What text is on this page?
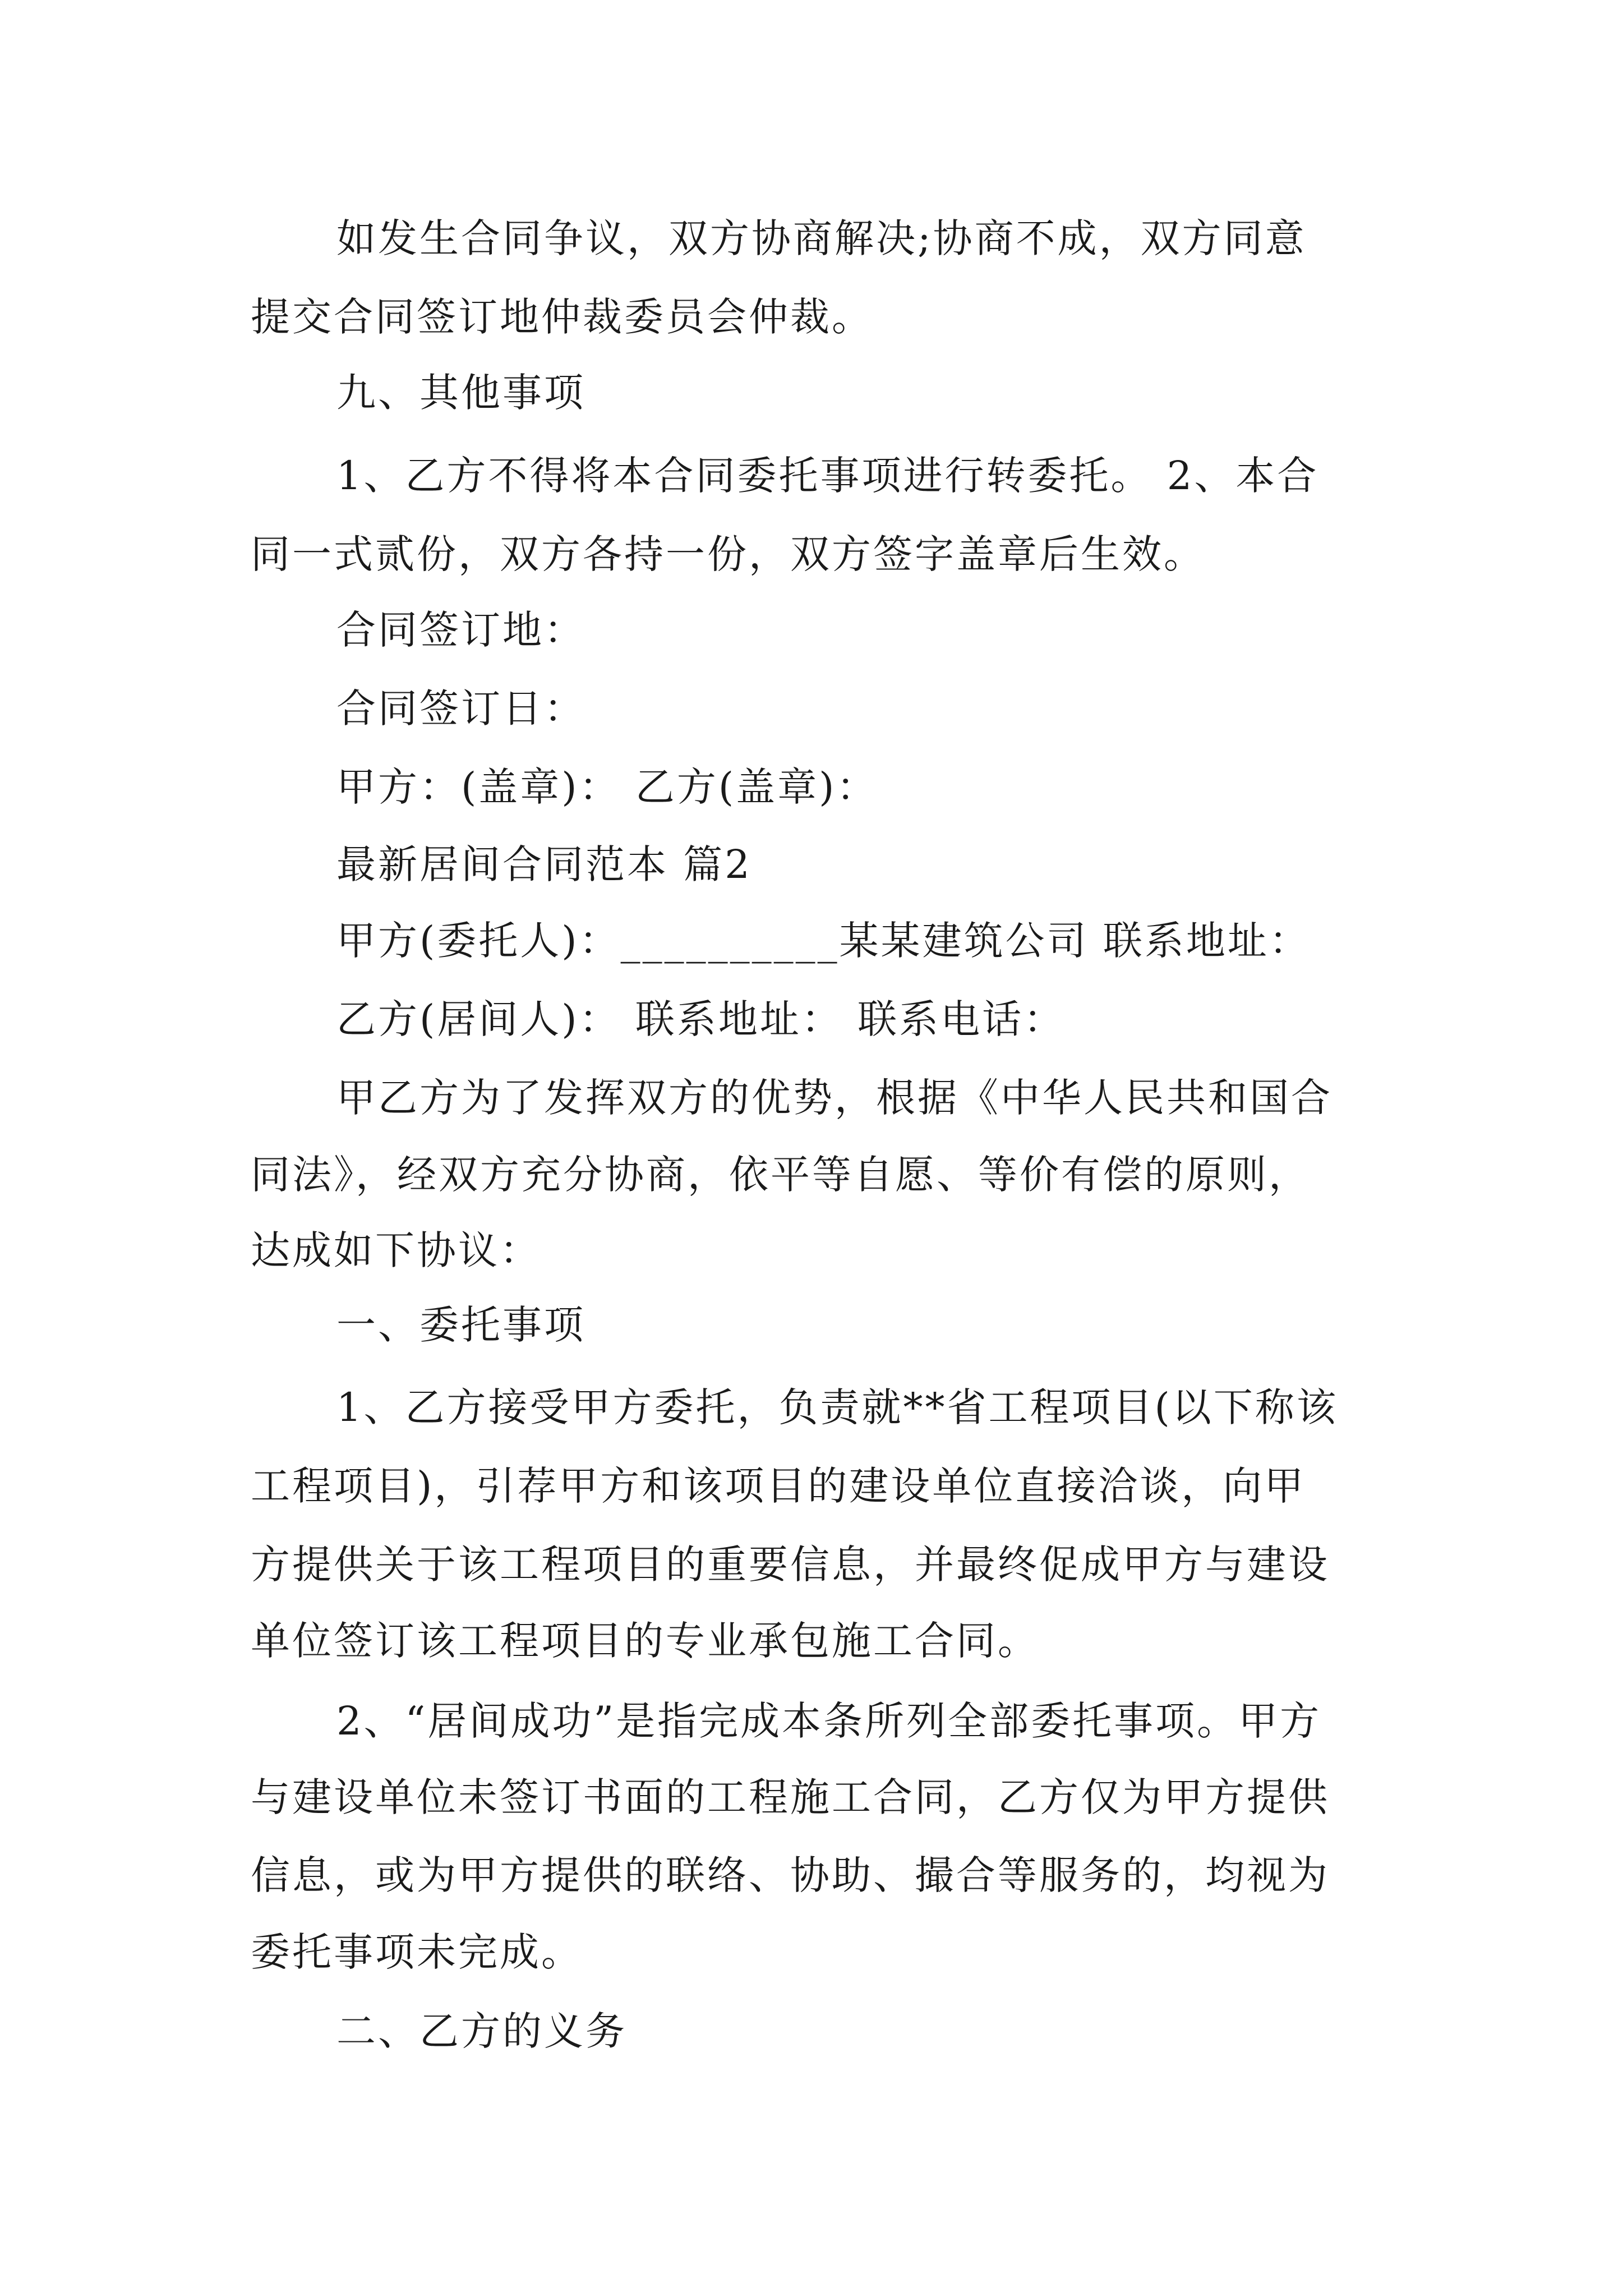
如发生合同争议，双方协商解决;协商不成，双方同意
提交合同签订地仲裁委员会仲裁。
九、其他事项
1、乙方不得将本合同委托事项进行转委托。 2、本合
同一式贰份，双方各持一份，双方签字盖章后生效。
合同签订地：
合同签订日：
甲方：(盖章)： 乙方(盖章)：
最新居间合同范本 篇2
甲方(委托人)：__________某某建筑公司 联系地址：
乙方(居间人)： 联系地址： 联系电话：
甲乙方为了发挥双方的优势，根据《中华人民共和国合
同法》，经双方充分协商，依平等自愿、等价有偿的原则，
达成如下协议：
一、委托事项
1、乙方接受甲方委托，负责就**省工程项目(以下称该
工程项目)，引荐甲方和该项目的建设单位直接洽谈，向甲
方提供关于该工程项目的重要信息，并最终促成甲方与建设
单位签订该工程项目的专业承包施工合同。
2、“居间成功”是指完成本条所列全部委托事项。甲方
与建设单位未签订书面的工程施工合同，乙方仅为甲方提供
信息，或为甲方提供的联络、协助、撮合等服务的，均视为
委托事项未完成。
二、乙方的义务
